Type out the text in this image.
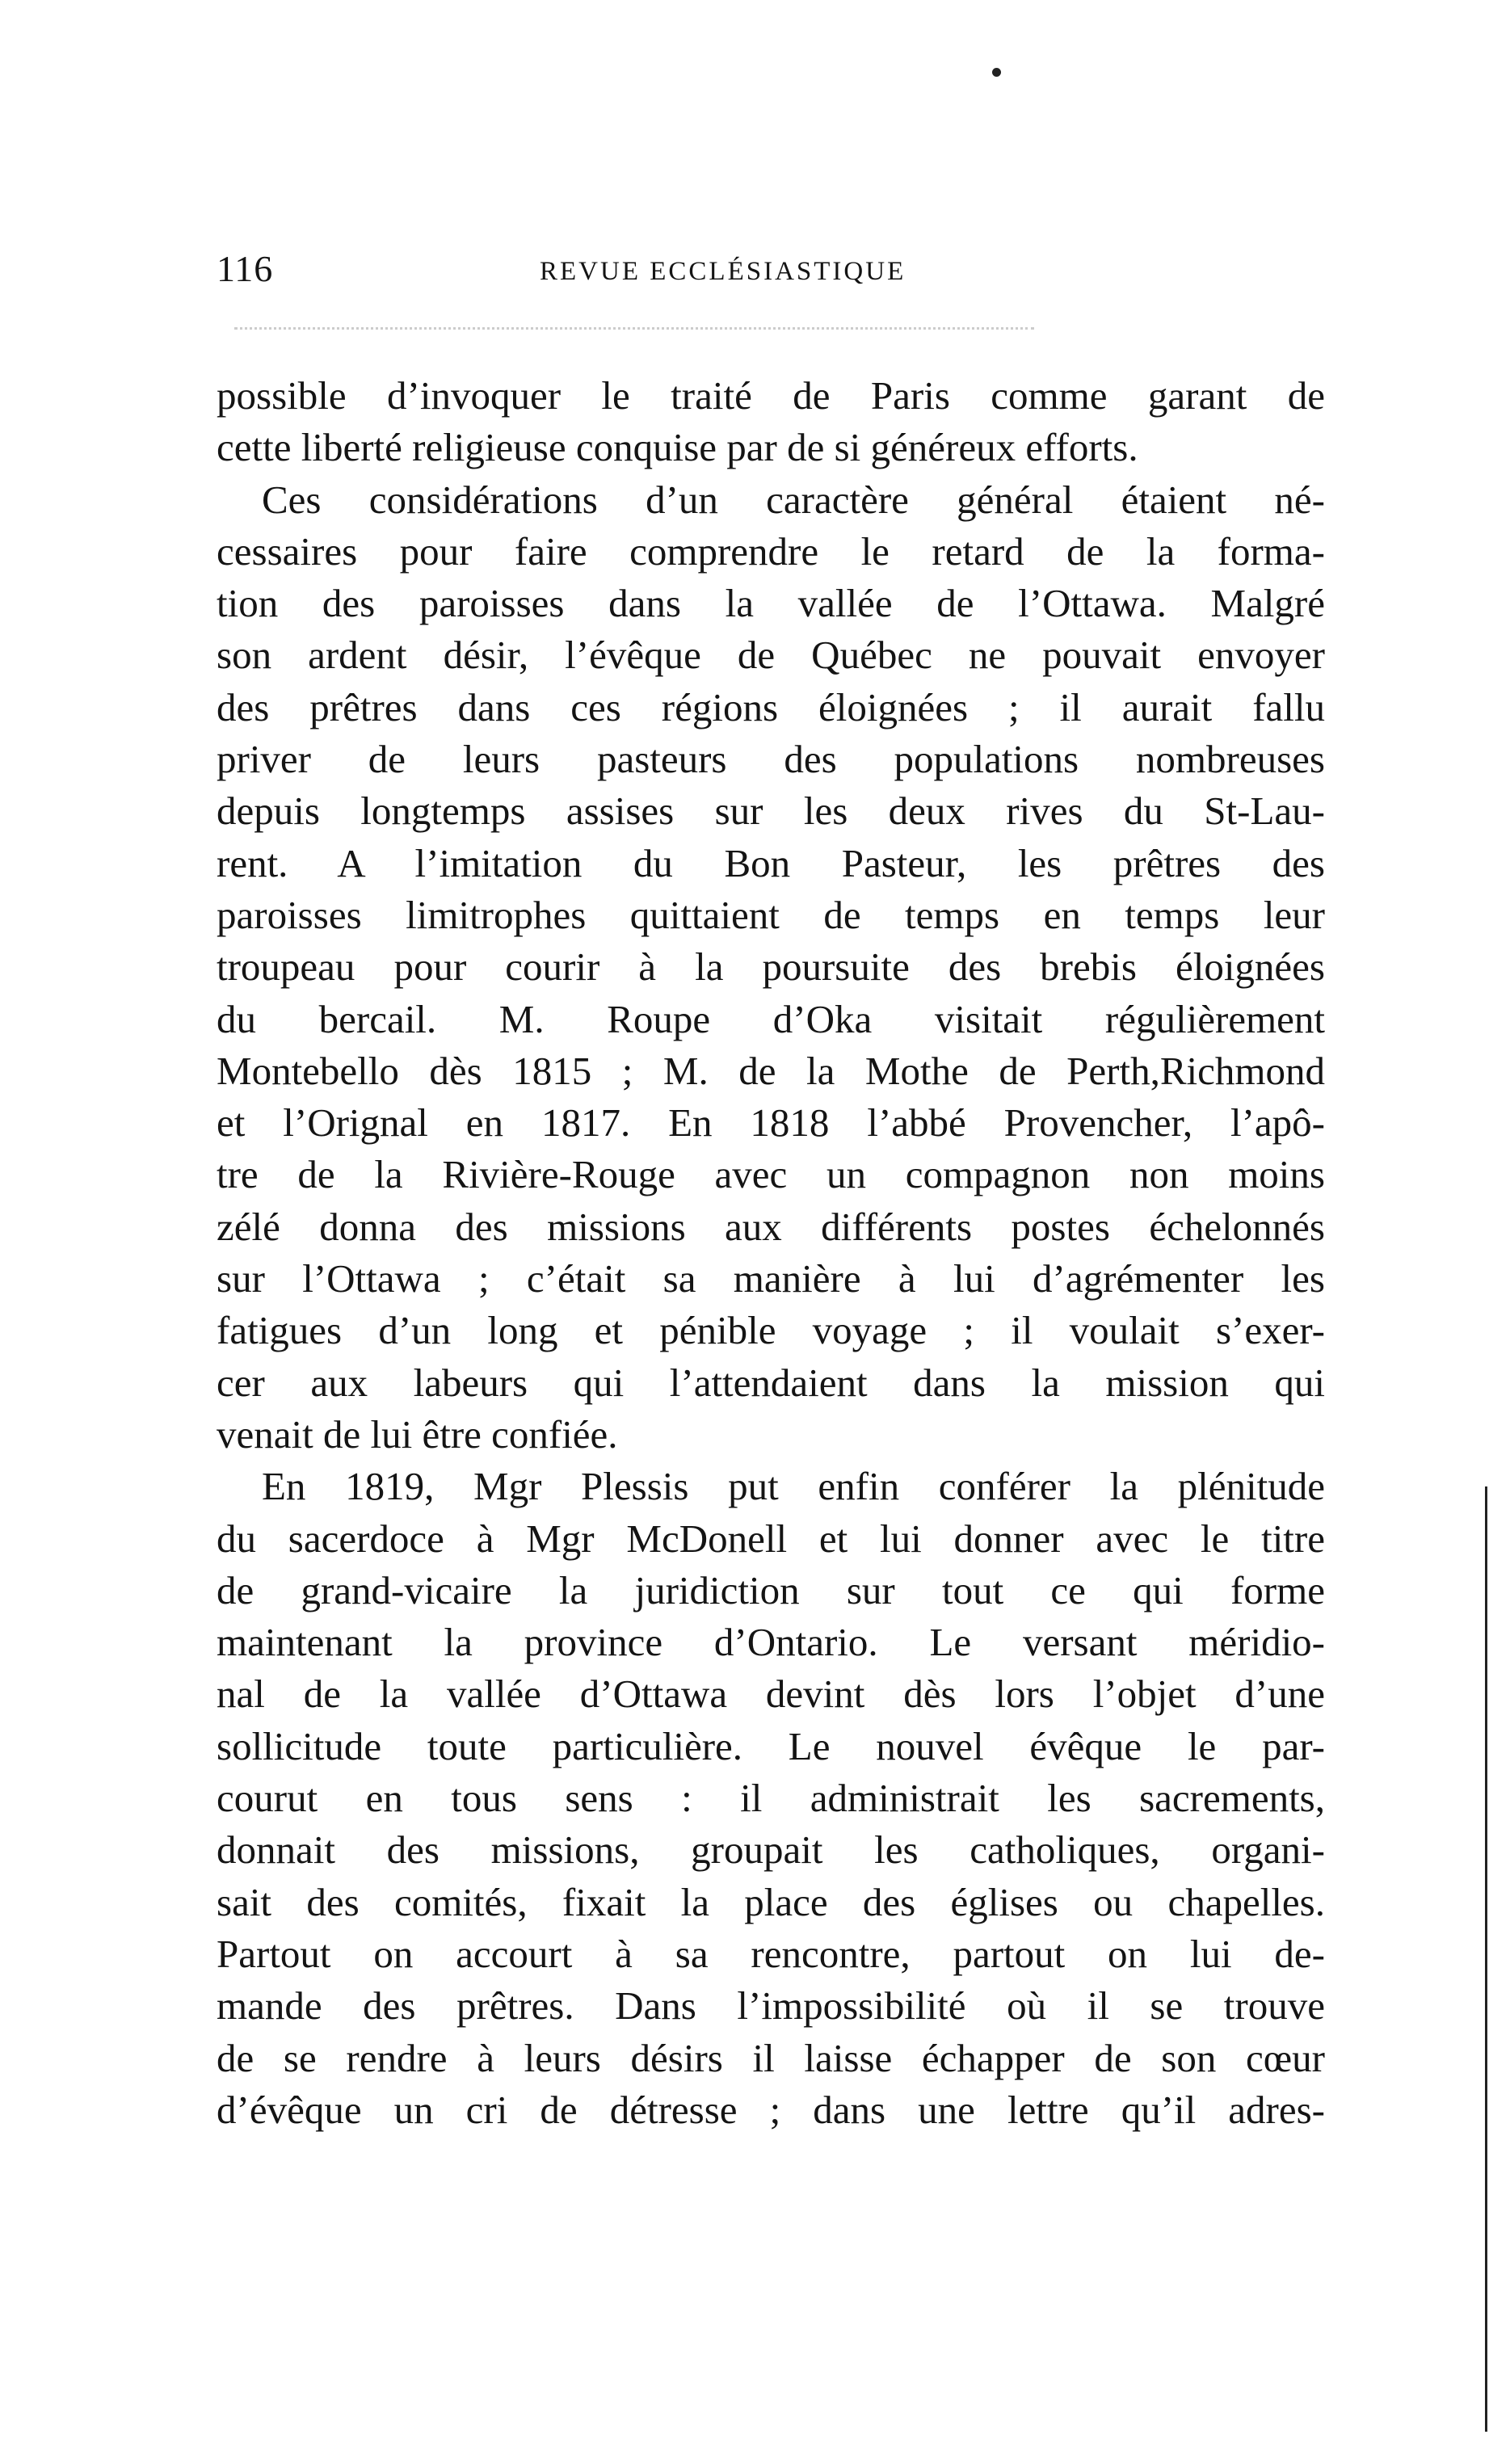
116	REVUE ECCLÉSIASTIQUE
possible d’invoquer le traité de Paris comme garant de
cette liberté religieuse conquise par de si généreux efforts.
Ces considérations d’un caractère général étaient né-
cessaires pour faire comprendre le retard de la forma-
tion des paroisses dans la vallée de l’Ottawa. Malgré
son ardent désir, l’évêque de Québec ne pouvait envoyer
des prêtres dans ces régions éloignées ; il aurait fallu
priver de leurs pasteurs des populations nombreuses
depuis longtemps assises sur les deux rives du St-Lau-
rent. A l’imitation du Bon Pasteur, les prêtres des
paroisses limitrophes quittaient de temps en temps leur
troupeau pour courir à la poursuite des brebis éloignées
du bercail. M. Roupe d’Oka visitait régulièrement
Montebello dès 1815 ; M. de la Mothe de Perth,Richmond
et l’Orignal en 1817. En 1818 l’abbé Provencher, l’apô-
tre de la Rivière-Rouge avec un compagnon non moins
zélé donna des missions aux différents postes échelonnés
sur l’Ottawa ; c’était sa manière à lui d’agrémenter les
fatigues d’un long et pénible voyage ; il voulait s’exer-
cer aux labeurs qui l’attendaient dans la mission qui
venait de lui être confiée.
En 1819, Mgr Plessis put enfin conférer la plénitude
du sacerdoce à Mgr McDonell et lui donner avec le titre
de grand-vicaire la juridiction sur tout ce qui forme
maintenant la province d’Ontario. Le versant méridio-
nal de la vallée d’Ottawa devint dès lors l’objet d’une
sollicitude toute particulière. Le nouvel évêque le par-
courut en tous sens : il administrait les sacrements,
donnait des missions, groupait les catholiques, organi-
sait des comités, fixait la place des églises ou chapelles.
Partout on accourt à sa rencontre, partout on lui de-
mande des prêtres. Dans l’impossibilité où il se trouve
de se rendre à leurs désirs il laisse échapper de son cœur
d’évêque un cri de détresse ; dans une lettre qu’il adres-
